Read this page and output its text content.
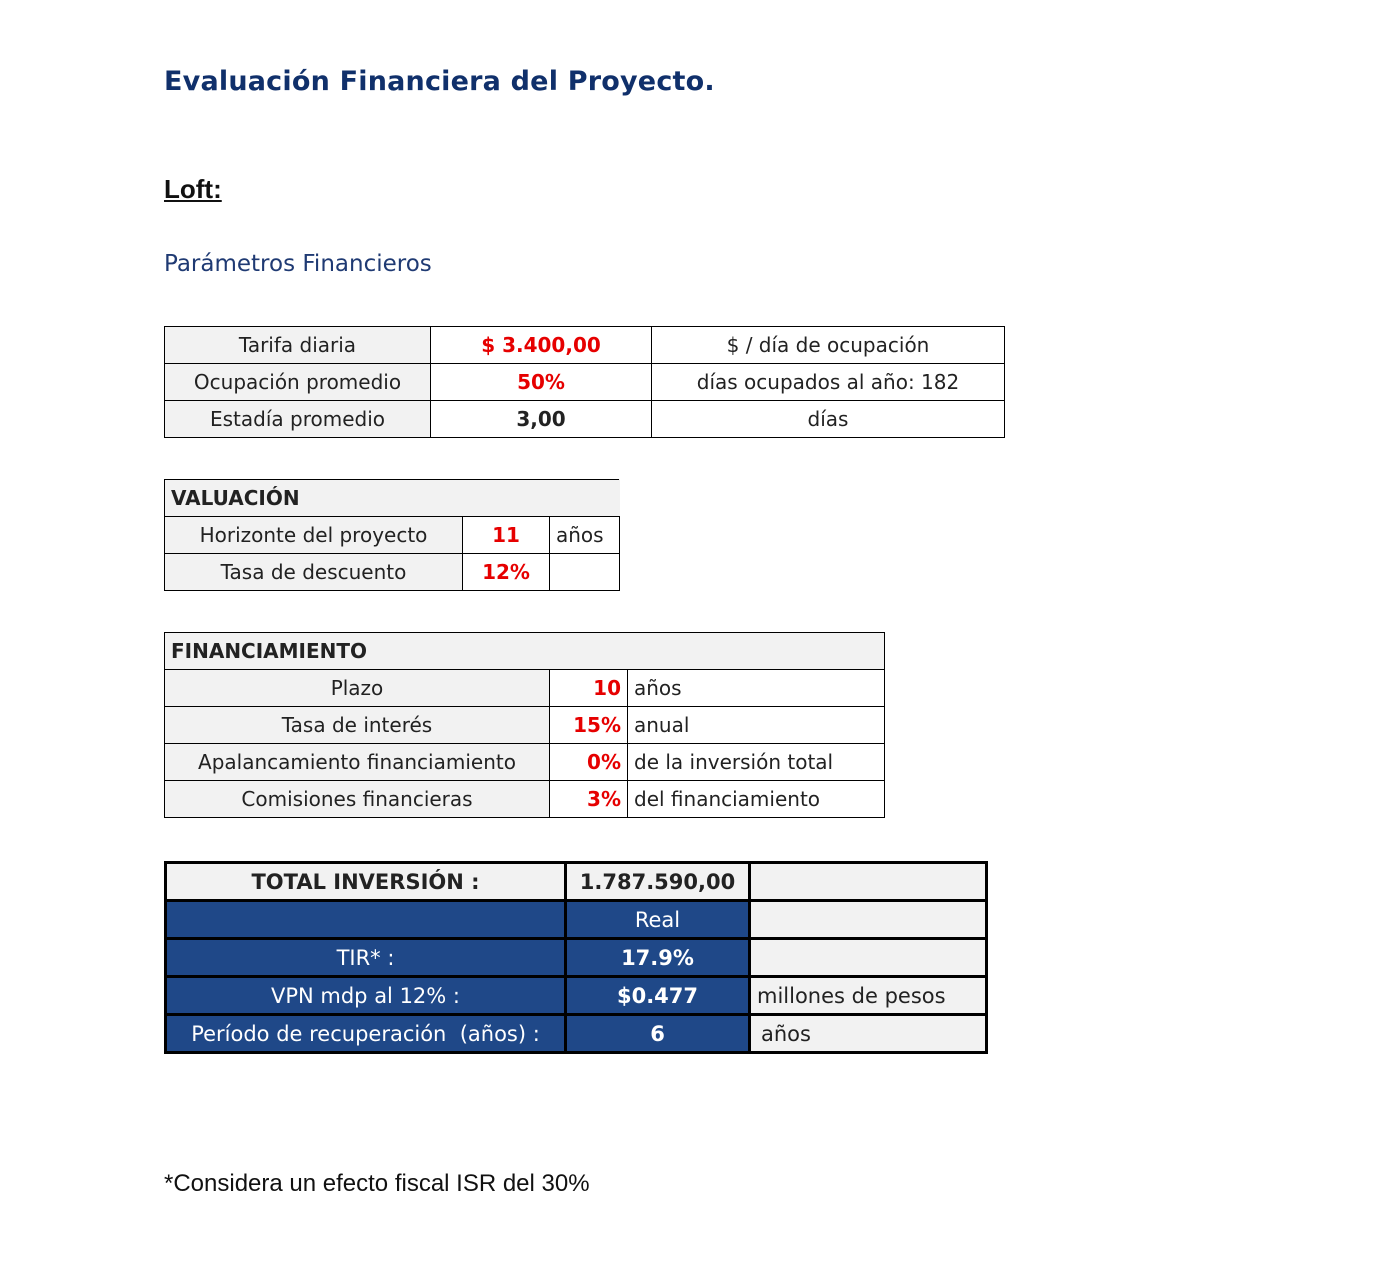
Evaluación Financiera del Proyecto.
Loft:
Parámetros Financieros
Tarifa diaria	$ 3.400,00	$ / día de ocupación
Ocupación promedio	50%	días ocupados al año: 182
Estadía promedio	3,00	días
VALUACIÓN		
Horizonte del proyecto	11	años
Tasa de descuento	12%	
FINANCIAMIENTO		
Plazo	10	años
Tasa de interés	15%	anual
Apalancamiento financiamiento	0%	de la inversión total
Comisiones financieras	3%	del financiamiento
TOTAL INVERSIÓN :	1.787.590,00	
	Real	
TIR* :	17.9%	
VPN mdp al 12% :	$0.477	millones de pesos
Período de recuperación  (años) :	6	años
*Considera un efecto fiscal ISR del 30%
